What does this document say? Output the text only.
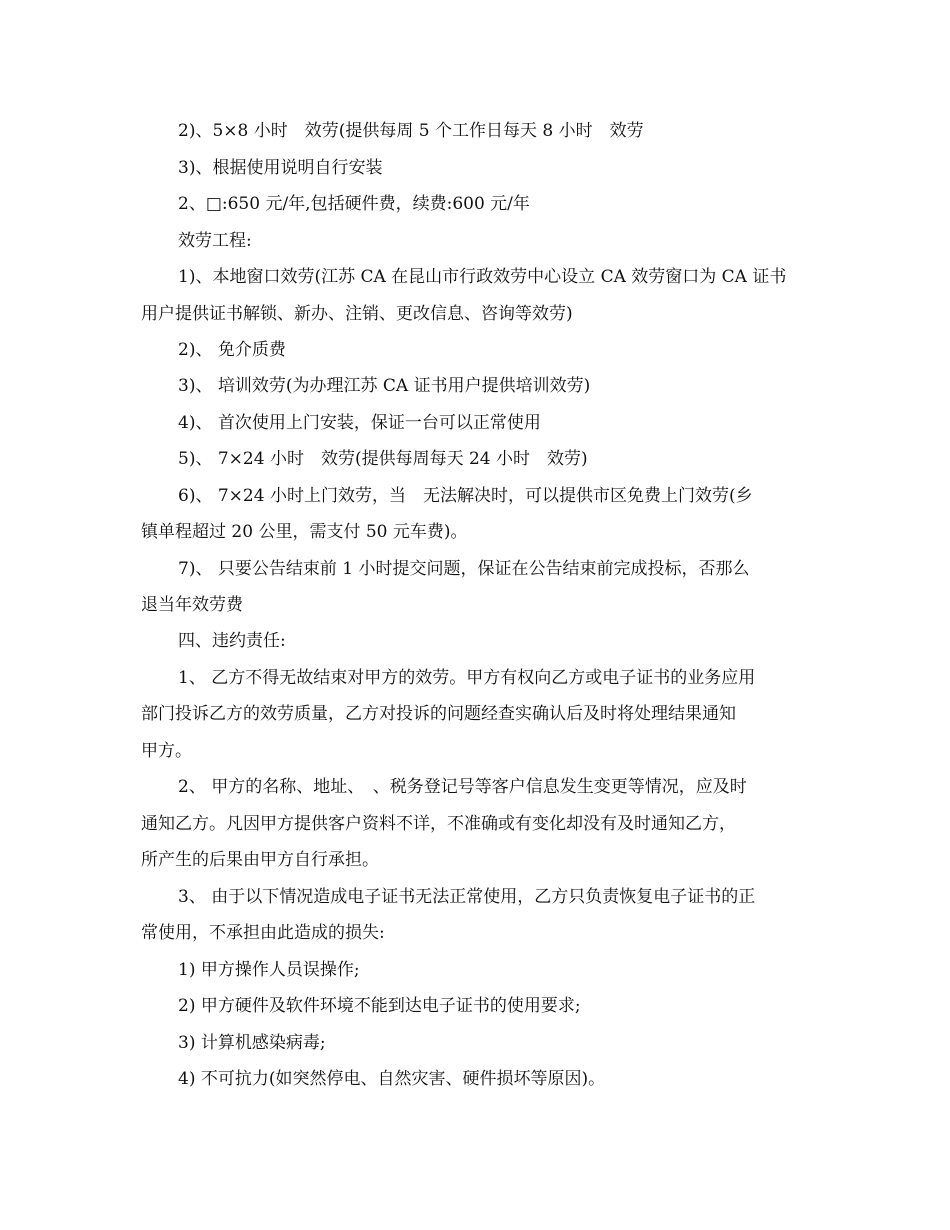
2)、5×8 小时　效劳(提供每周 5 个工作日每天 8 小时　效劳

3)、根据使用说明自行安装

2、□:650 元/年,包括硬件费，续费:600 元/年

效劳工程:

1)、本地窗口效劳(江苏 CA 在昆山市行政效劳中心设立 CA 效劳窗口为 CA 证书

用户提供证书解锁、新办、注销、更改信息、咨询等效劳)

2)、 免介质费

3)、 培训效劳(为办理江苏 CA 证书用户提供培训效劳)

4)、 首次使用上门安装，保证一台可以正常使用

5)、 7×24 小时　效劳(提供每周每天 24 小时　效劳)

6)、 7×24 小时上门效劳，当　无法解决时，可以提供市区免费上门效劳(乡

镇单程超过 20 公里，需支付 50 元车费)。

7)、 只要公告结束前 1 小时提交问题，保证在公告结束前完成投标，否那么

退当年效劳费

四、违约责任:

1、 乙方不得无故结束对甲方的效劳。甲方有权向乙方或电子证书的业务应用

部门投诉乙方的效劳质量，乙方对投诉的问题经查实确认后及时将处理结果通知

甲方。

2、 甲方的名称、地址、　、税务登记号等客户信息发生变更等情况，应及时

通知乙方。凡因甲方提供客户资料不详，不准确或有变化却没有及时通知乙方，

所产生的后果由甲方自行承担。

3、 由于以下情况造成电子证书无法正常使用，乙方只负责恢复电子证书的正

常使用，不承担由此造成的损失:

1) 甲方操作人员误操作;

2) 甲方硬件及软件环境不能到达电子证书的使用要求;

3) 计算机感染病毒;

4) 不可抗力(如突然停电、自然灾害、硬件损坏等原因)。
